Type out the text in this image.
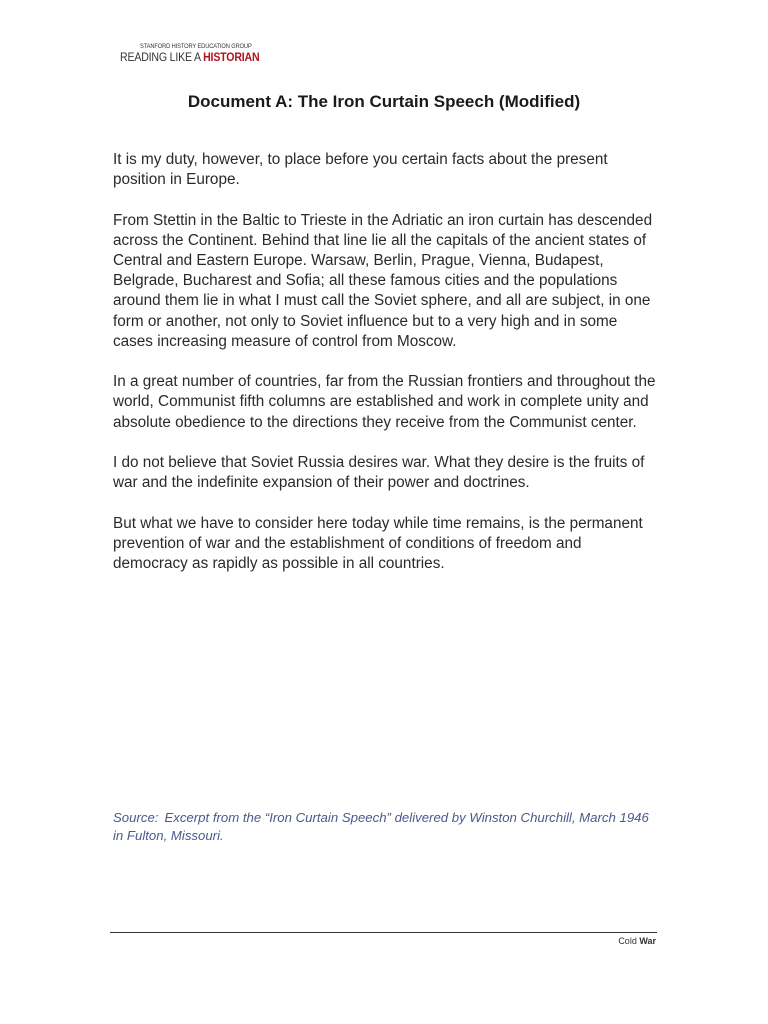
STANFORD HISTORY EDUCATION GROUP
READING LIKE A HISTORIAN
Document A: The Iron Curtain Speech (Modified)

It is my duty, however, to place before you certain facts about the present position in Europe.

From Stettin in the Baltic to Trieste in the Adriatic an iron curtain has descended across the Continent. Behind that line lie all the capitals of the ancient states of Central and Eastern Europe. Warsaw, Berlin, Prague, Vienna, Budapest, Belgrade, Bucharest and Sofia; all these famous cities and the populations around them lie in what I must call the Soviet sphere, and all are subject, in one form or another, not only to Soviet influence but to a very high and in some cases increasing measure of control from Moscow.

In a great number of countries, far from the Russian frontiers and throughout the world, Communist fifth columns are established and work in complete unity and absolute obedience to the directions they receive from the Communist center.

I do not believe that Soviet Russia desires war. What they desire is the fruits of war and the indefinite expansion of their power and doctrines.

But what we have to consider here today while time remains, is the permanent prevention of war and the establishment of conditions of freedom and democracy as rapidly as possible in all countries.

Source: Excerpt from the “Iron Curtain Speech” delivered by Winston Churchill, March 1946 in Fulton, Missouri.
Cold War
